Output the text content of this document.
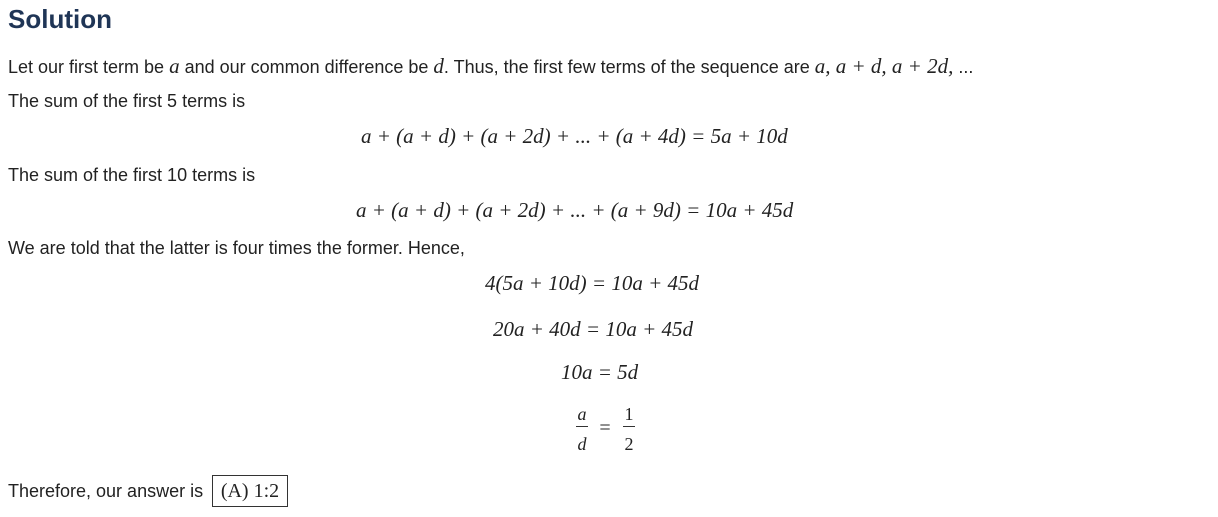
Solution
Let our first term be a and our common difference be d. Thus, the first few terms of the sequence are a, a + d, a + 2d, ...
The sum of the first 5 terms is
a + (a + d) + (a + 2d) + ... + (a + 4d) = 5a + 10d
The sum of the first 10 terms is
a + (a + d) + (a + 2d) + ... + (a + 9d) = 10a + 45d
We are told that the latter is four times the former. Hence,
4(5a + 10d) = 10a + 45d
20a + 40d = 10a + 45d
10a = 5d
a
d
=
1
2
Therefore, our answer is (A) 1:2
